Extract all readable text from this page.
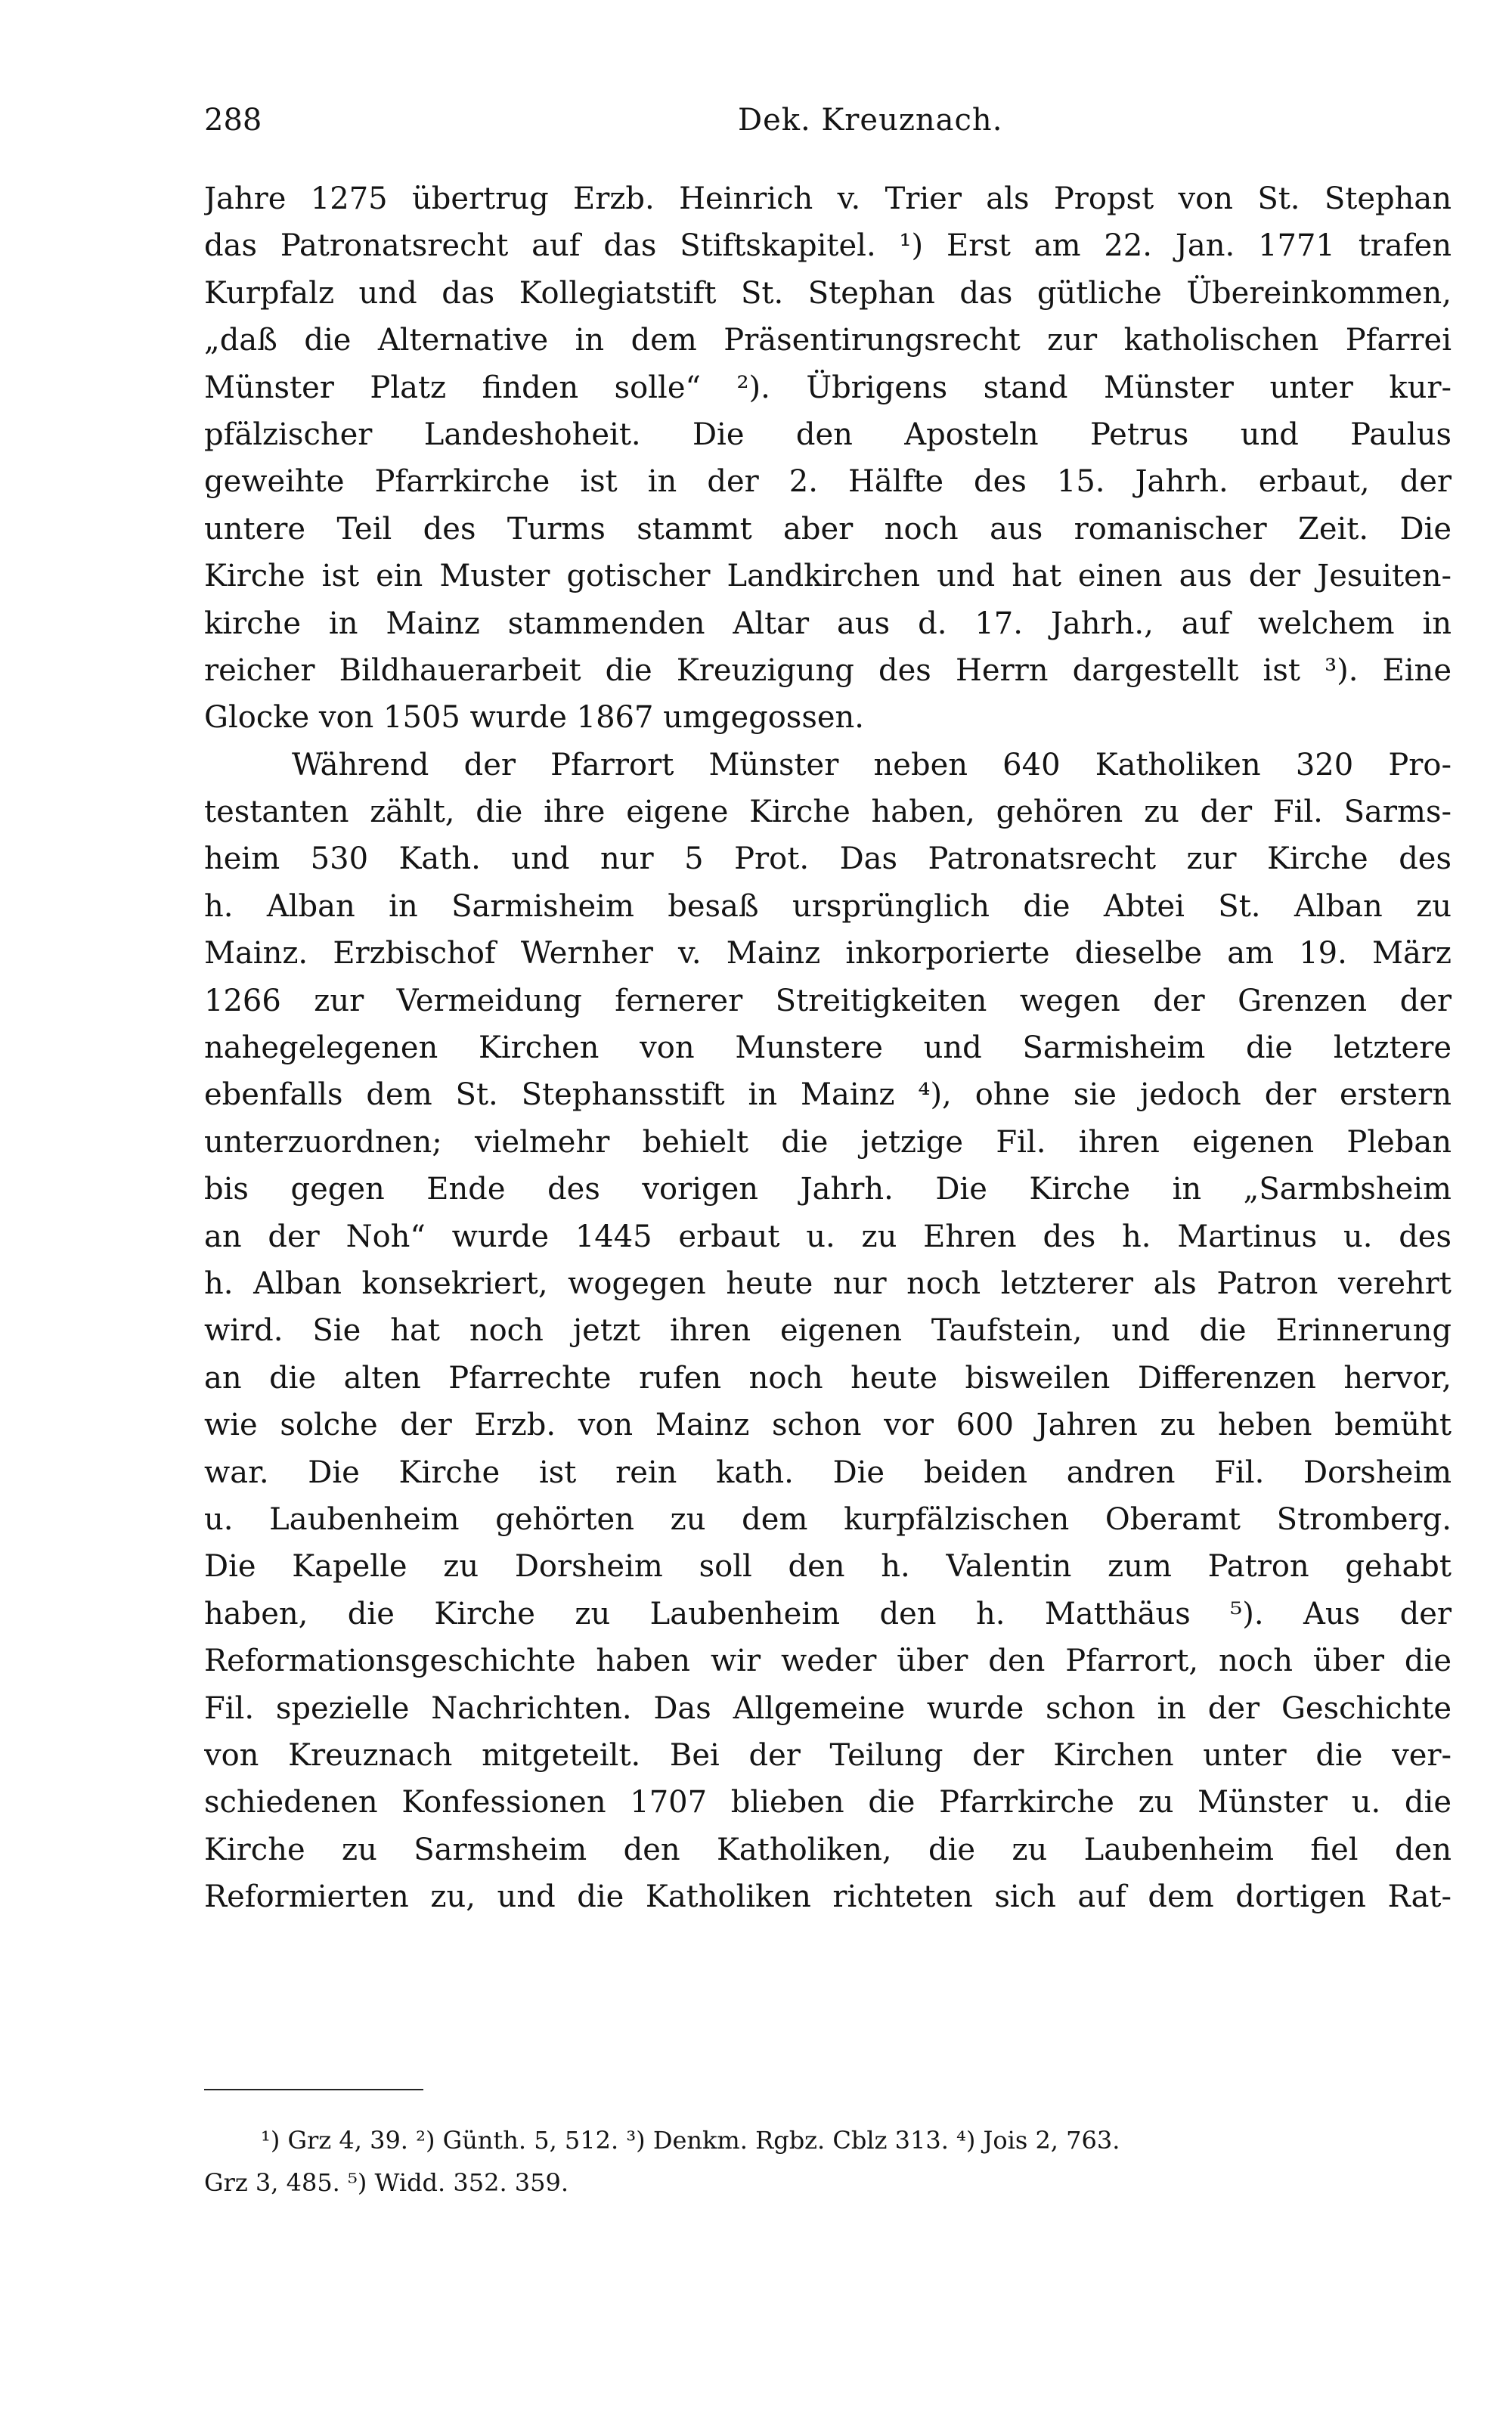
288	Dek. Kreuznach.
Jahre 1275 übertrug Erzb. Heinrich v. Trier als Propst von St. Stephan
das Patronatsrecht auf das Stiftskapitel. ¹) Erst am 22. Jan. 1771 trafen
Kurpfalz und das Kollegiatstift St. Stephan das gütliche Übereinkommen,
„daß die Alternative in dem Präsentirungsrecht zur katholischen Pfarrei
Münster Platz finden solle“ ²). Übrigens stand Münster unter kur-
pfälzischer Landeshoheit. Die den Aposteln Petrus und Paulus
geweihte Pfarrkirche ist in der 2. Hälfte des 15. Jahrh. erbaut, der
untere Teil des Turms stammt aber noch aus romanischer Zeit. Die
Kirche ist ein Muster gotischer Landkirchen und hat einen aus der Jesuiten-
kirche in Mainz stammenden Altar aus d. 17. Jahrh., auf welchem in
reicher Bildhauerarbeit die Kreuzigung des Herrn dargestellt ist ³). Eine
Glocke von 1505 wurde 1867 umgegossen.
Während der Pfarrort Münster neben 640 Katholiken 320 Pro-
testanten zählt, die ihre eigene Kirche haben, gehören zu der Fil. Sarms-
heim 530 Kath. und nur 5 Prot. Das Patronatsrecht zur Kirche des
h. Alban in Sarmisheim besaß ursprünglich die Abtei St. Alban zu
Mainz. Erzbischof Wernher v. Mainz inkorporierte dieselbe am 19. März
1266 zur Vermeidung fernerer Streitigkeiten wegen der Grenzen der
nahegelegenen Kirchen von Munstere und Sarmisheim die letztere
ebenfalls dem St. Stephansstift in Mainz ⁴), ohne sie jedoch der erstern
unterzuordnen; vielmehr behielt die jetzige Fil. ihren eigenen Pleban
bis gegen Ende des vorigen Jahrh. Die Kirche in „Sarmbsheim
an der Noh“ wurde 1445 erbaut u. zu Ehren des h. Martinus u. des
h. Alban konsekriert, wogegen heute nur noch letzterer als Patron verehrt
wird. Sie hat noch jetzt ihren eigenen Taufstein, und die Erinnerung
an die alten Pfarrechte rufen noch heute bisweilen Differenzen hervor,
wie solche der Erzb. von Mainz schon vor 600 Jahren zu heben bemüht
war. Die Kirche ist rein kath. Die beiden andren Fil. Dorsheim
u. Laubenheim gehörten zu dem kurpfälzischen Oberamt Stromberg.
Die Kapelle zu Dorsheim soll den h. Valentin zum Patron gehabt
haben, die Kirche zu Laubenheim den h. Matthäus ⁵). Aus der
Reformationsgeschichte haben wir weder über den Pfarrort, noch über die
Fil. spezielle Nachrichten. Das Allgemeine wurde schon in der Geschichte
von Kreuznach mitgeteilt. Bei der Teilung der Kirchen unter die ver-
schiedenen Konfessionen 1707 blieben die Pfarrkirche zu Münster u. die
Kirche zu Sarmsheim den Katholiken, die zu Laubenheim fiel den
Reformierten zu, und die Katholiken richteten sich auf dem dortigen Rat-
¹) Grz 4, 39. ²) Günth. 5, 512. ³) Denkm. Rgbz. Cblz 313. ⁴) Jois 2, 763.
Grz 3, 485. ⁵) Widd. 352. 359.
